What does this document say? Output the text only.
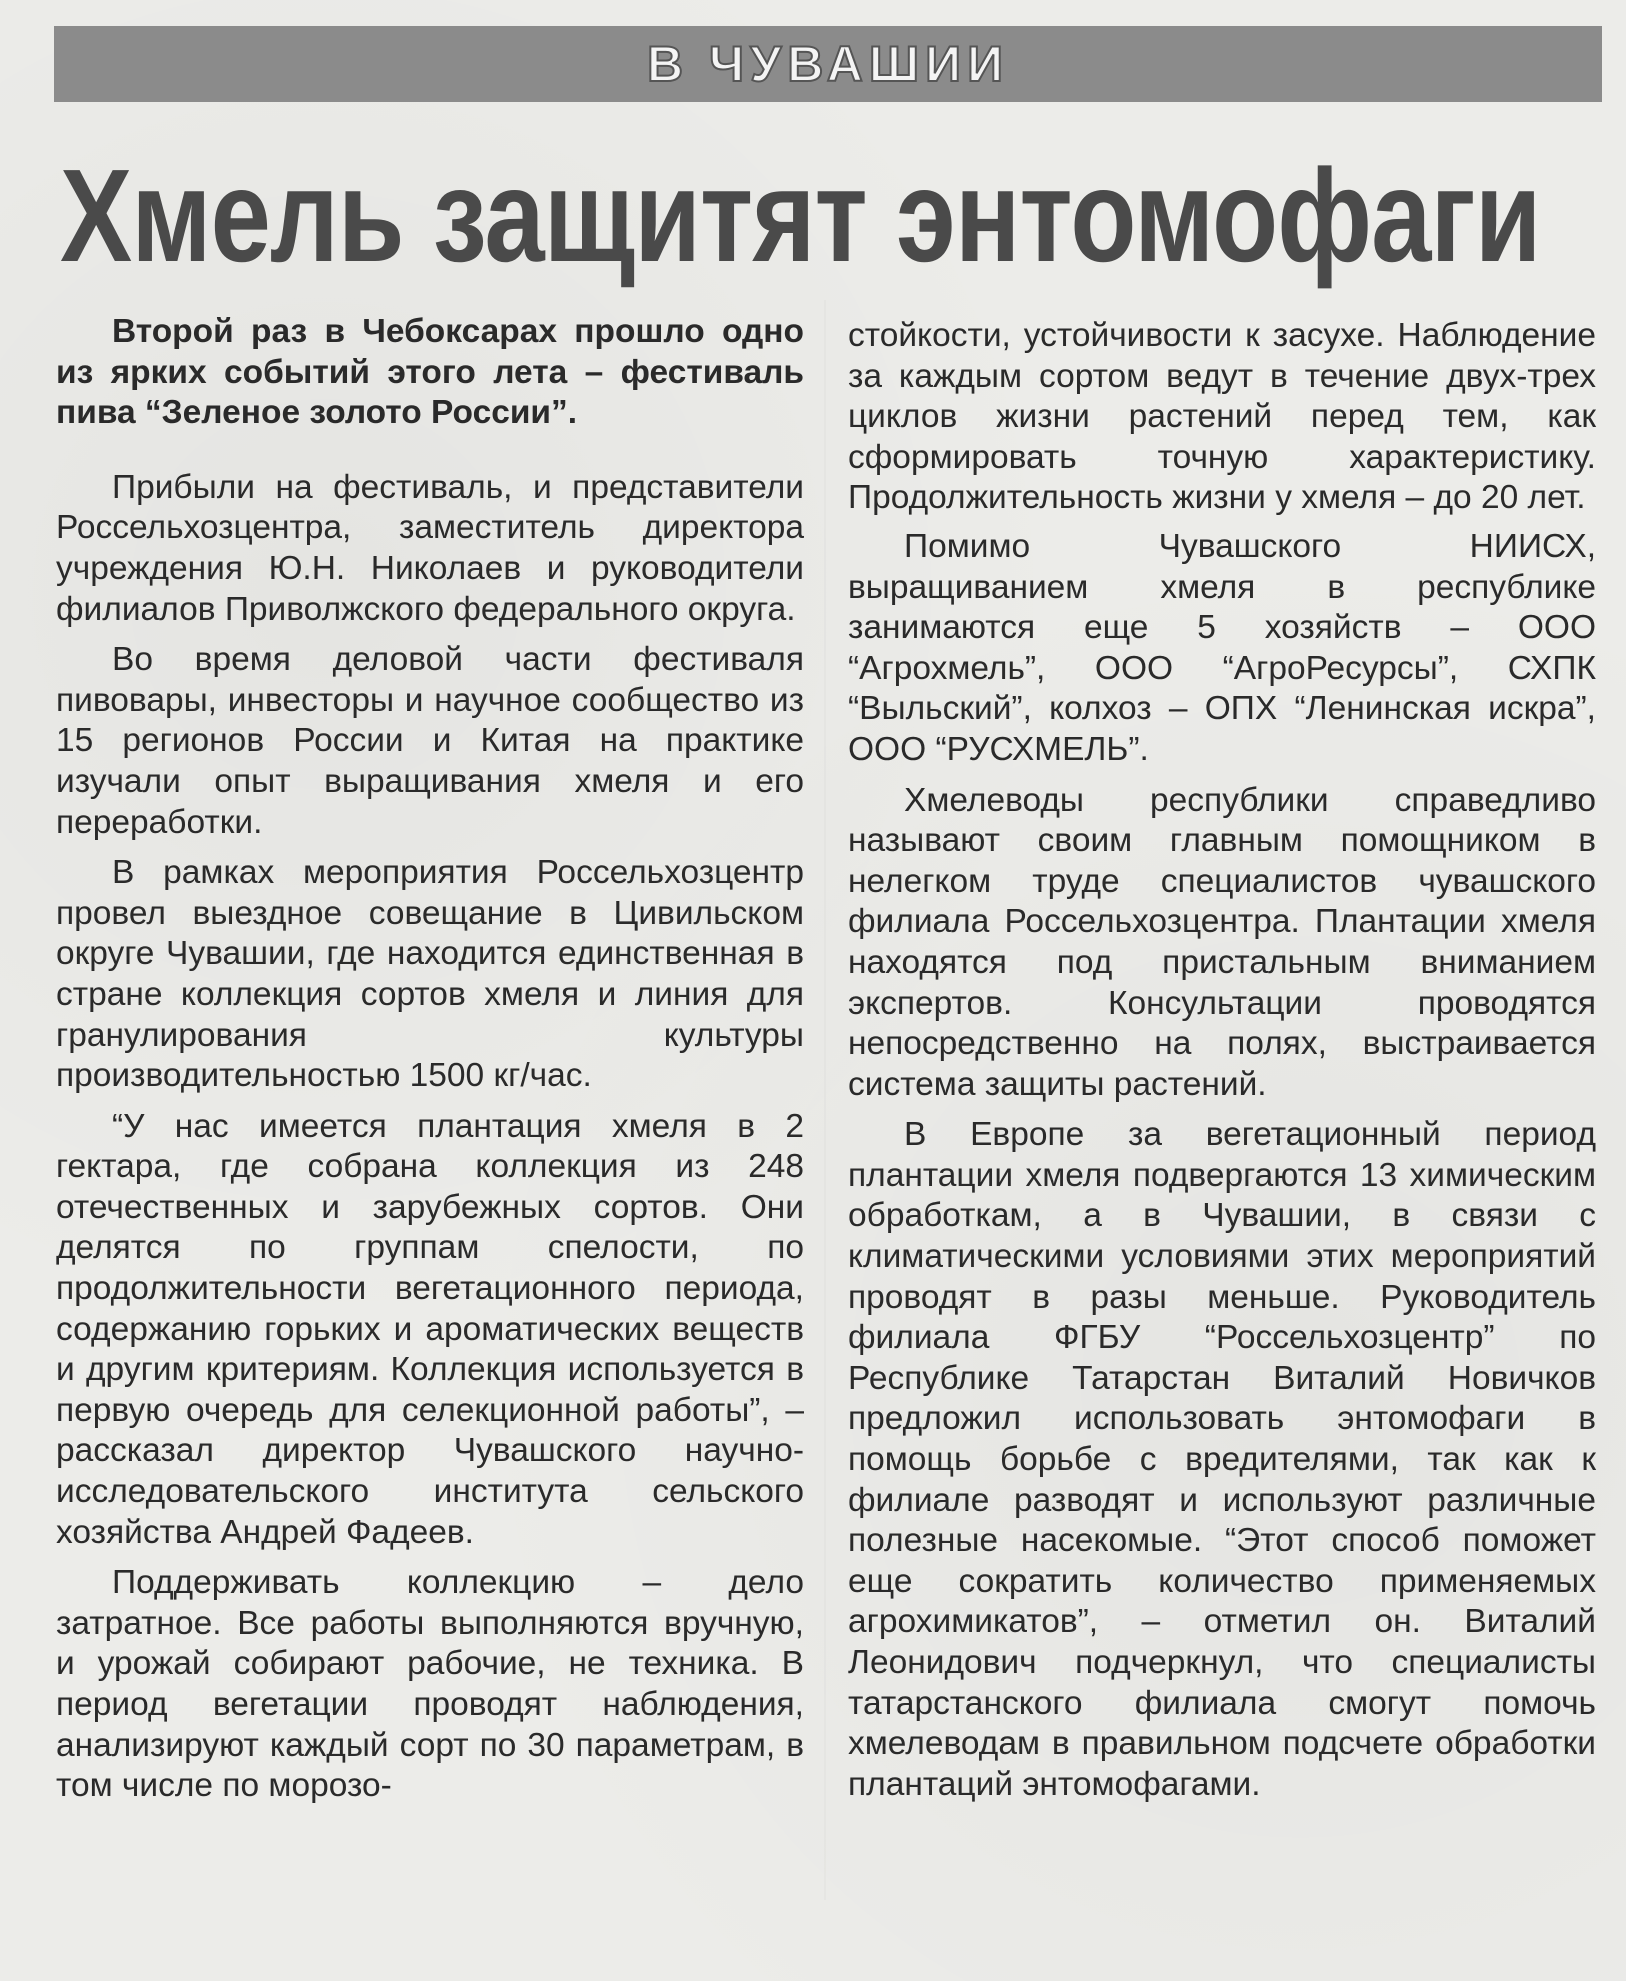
В ЧУВАШИИ
Хмель защитят энтомофаги

Второй раз в Чебоксарах прошло одно из ярких событий этого лета – фестиваль пива “Зеленое золото России”.

Прибыли на фестиваль, и представители Россельхозцентра, заместитель директора учреждения Ю.Н. Николаев и руководители филиалов Приволжского федерального округа.

Во время деловой части фестиваля пивовары, инвесторы и научное сообщество из 15 регионов России и Китая на практике изучали опыт выращивания хмеля и его переработки.

В рамках мероприятия Россельхозцентр провел выездное совещание в Цивильском округе Чувашии, где находится единственная в стране коллекция сортов хмеля и линия для гранулирования культуры производительностью 1500 кг/час.

“У нас имеется плантация хмеля в 2 гектара, где собрана коллекция из 248 отечественных и зарубежных сортов. Они делятся по группам спелости, по продолжительности вегетационного периода, содержанию горьких и ароматических веществ и другим критериям. Коллекция используется в первую очередь для селекционной работы”, – рассказал директор Чувашского научно-исследовательского института сельского хозяйства Андрей Фадеев.

Поддерживать коллекцию – дело затратное. Все работы выполняются вручную, и урожай собирают рабочие, не техника. В период вегетации проводят наблюдения, анализируют каждый сорт по 30 параметрам, в том числе по морозо-

стойкости, устойчивости к засухе. Наблюдение за каждым сортом ведут в течение двух-трех циклов жизни растений перед тем, как сформировать точную характеристику. Продолжительность жизни у хмеля – до 20 лет.

Помимо Чувашского НИИСХ, выращиванием хмеля в республике занимаются еще 5 хозяйств – ООО “Агрохмель”, ООО “АгроРесурсы”, СХПК “Выльский”, колхоз – ОПХ “Ленинская искра”, ООО “РУСХМЕЛЬ”.

Хмелеводы республики справедливо называют своим главным помощником в нелегком труде специалистов чувашского филиала Россельхозцентра. Плантации хмеля находятся под пристальным вниманием экспертов. Консультации проводятся непосредственно на полях, выстраивается система защиты растений.

В Европе за вегетационный период плантации хмеля подвергаются 13 химическим обработкам, а в Чувашии, в связи с климатическими условиями этих мероприятий проводят в разы меньше. Руководитель филиала ФГБУ “Россельхозцентр” по Республике Татарстан Виталий Новичков предложил использовать энтомофаги в помощь борьбе с вредителями, так как к филиале разводят и используют различные полезные насекомые. “Этот способ поможет еще сократить количество применяемых агрохимикатов”, – отметил он. Виталий Леонидович подчеркнул, что специалисты татарстанского филиала смогут помочь хмелеводам в правильном подсчете обработки плантаций энтомофагами.
